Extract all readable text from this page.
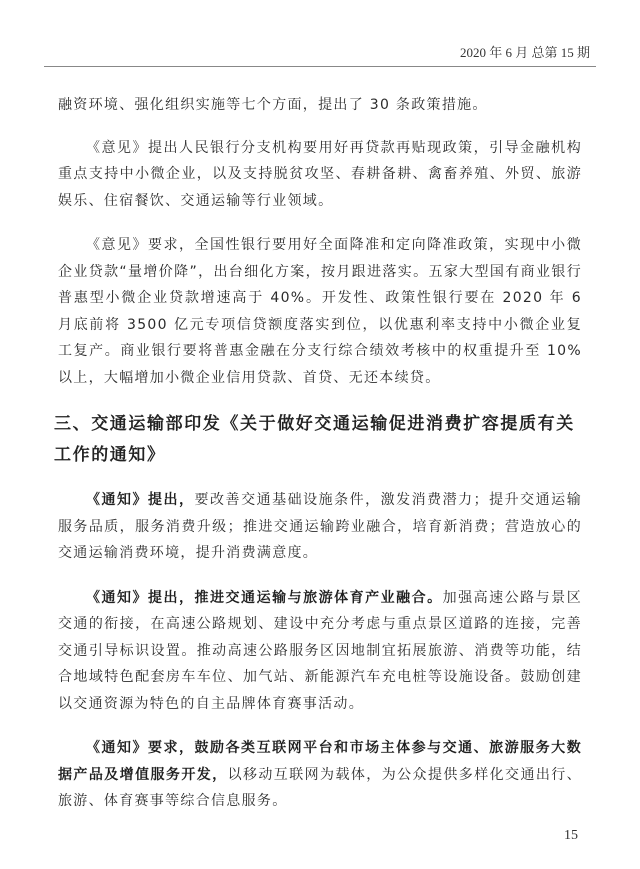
2020 年 6 月 总第 15 期

融资环境、强化组织实施等七个方面，提出了 30 条政策措施。

《意见》提出人民银行分支机构要用好再贷款再贴现政策，引导金融机构重点支持中小微企业，以及支持脱贫攻坚、春耕备耕、禽畜养殖、外贸、旅游娱乐、住宿餐饮、交通运输等行业领域。

《意见》要求，全国性银行要用好全面降准和定向降准政策，实现中小微企业贷款“量增价降”，出台细化方案，按月跟进落实。五家大型国有商业银行普惠型小微企业贷款增速高于 40%。开发性、政策性银行要在 2020 年 6 月底前将 3500 亿元专项信贷额度落实到位，以优惠利率支持中小微企业复工复产。商业银行要将普惠金融在分支行综合绩效考核中的权重提升至 10% 以上，大幅增加小微企业信用贷款、首贷、无还本续贷。

三、交通运输部印发《关于做好交通运输促进消费扩容提质有关工作的通知》

《通知》提出，要改善交通基础设施条件，激发消费潜力；提升交通运输服务品质，服务消费升级；推进交通运输跨业融合，培育新消费；营造放心的交通运输消费环境，提升消费满意度。

《通知》提出，推进交通运输与旅游体育产业融合。加强高速公路与景区交通的衔接，在高速公路规划、建设中充分考虑与重点景区道路的连接，完善交通引导标识设置。推动高速公路服务区因地制宜拓展旅游、消费等功能，结合地域特色配套房车车位、加气站、新能源汽车充电桩等设施设备。鼓励创建以交通资源为特色的自主品牌体育赛事活动。

《通知》要求，鼓励各类互联网平台和市场主体参与交通、旅游服务大数据产品及增值服务开发，以移动互联网为载体，为公众提供多样化交通出行、旅游、体育赛事等综合信息服务。

15
